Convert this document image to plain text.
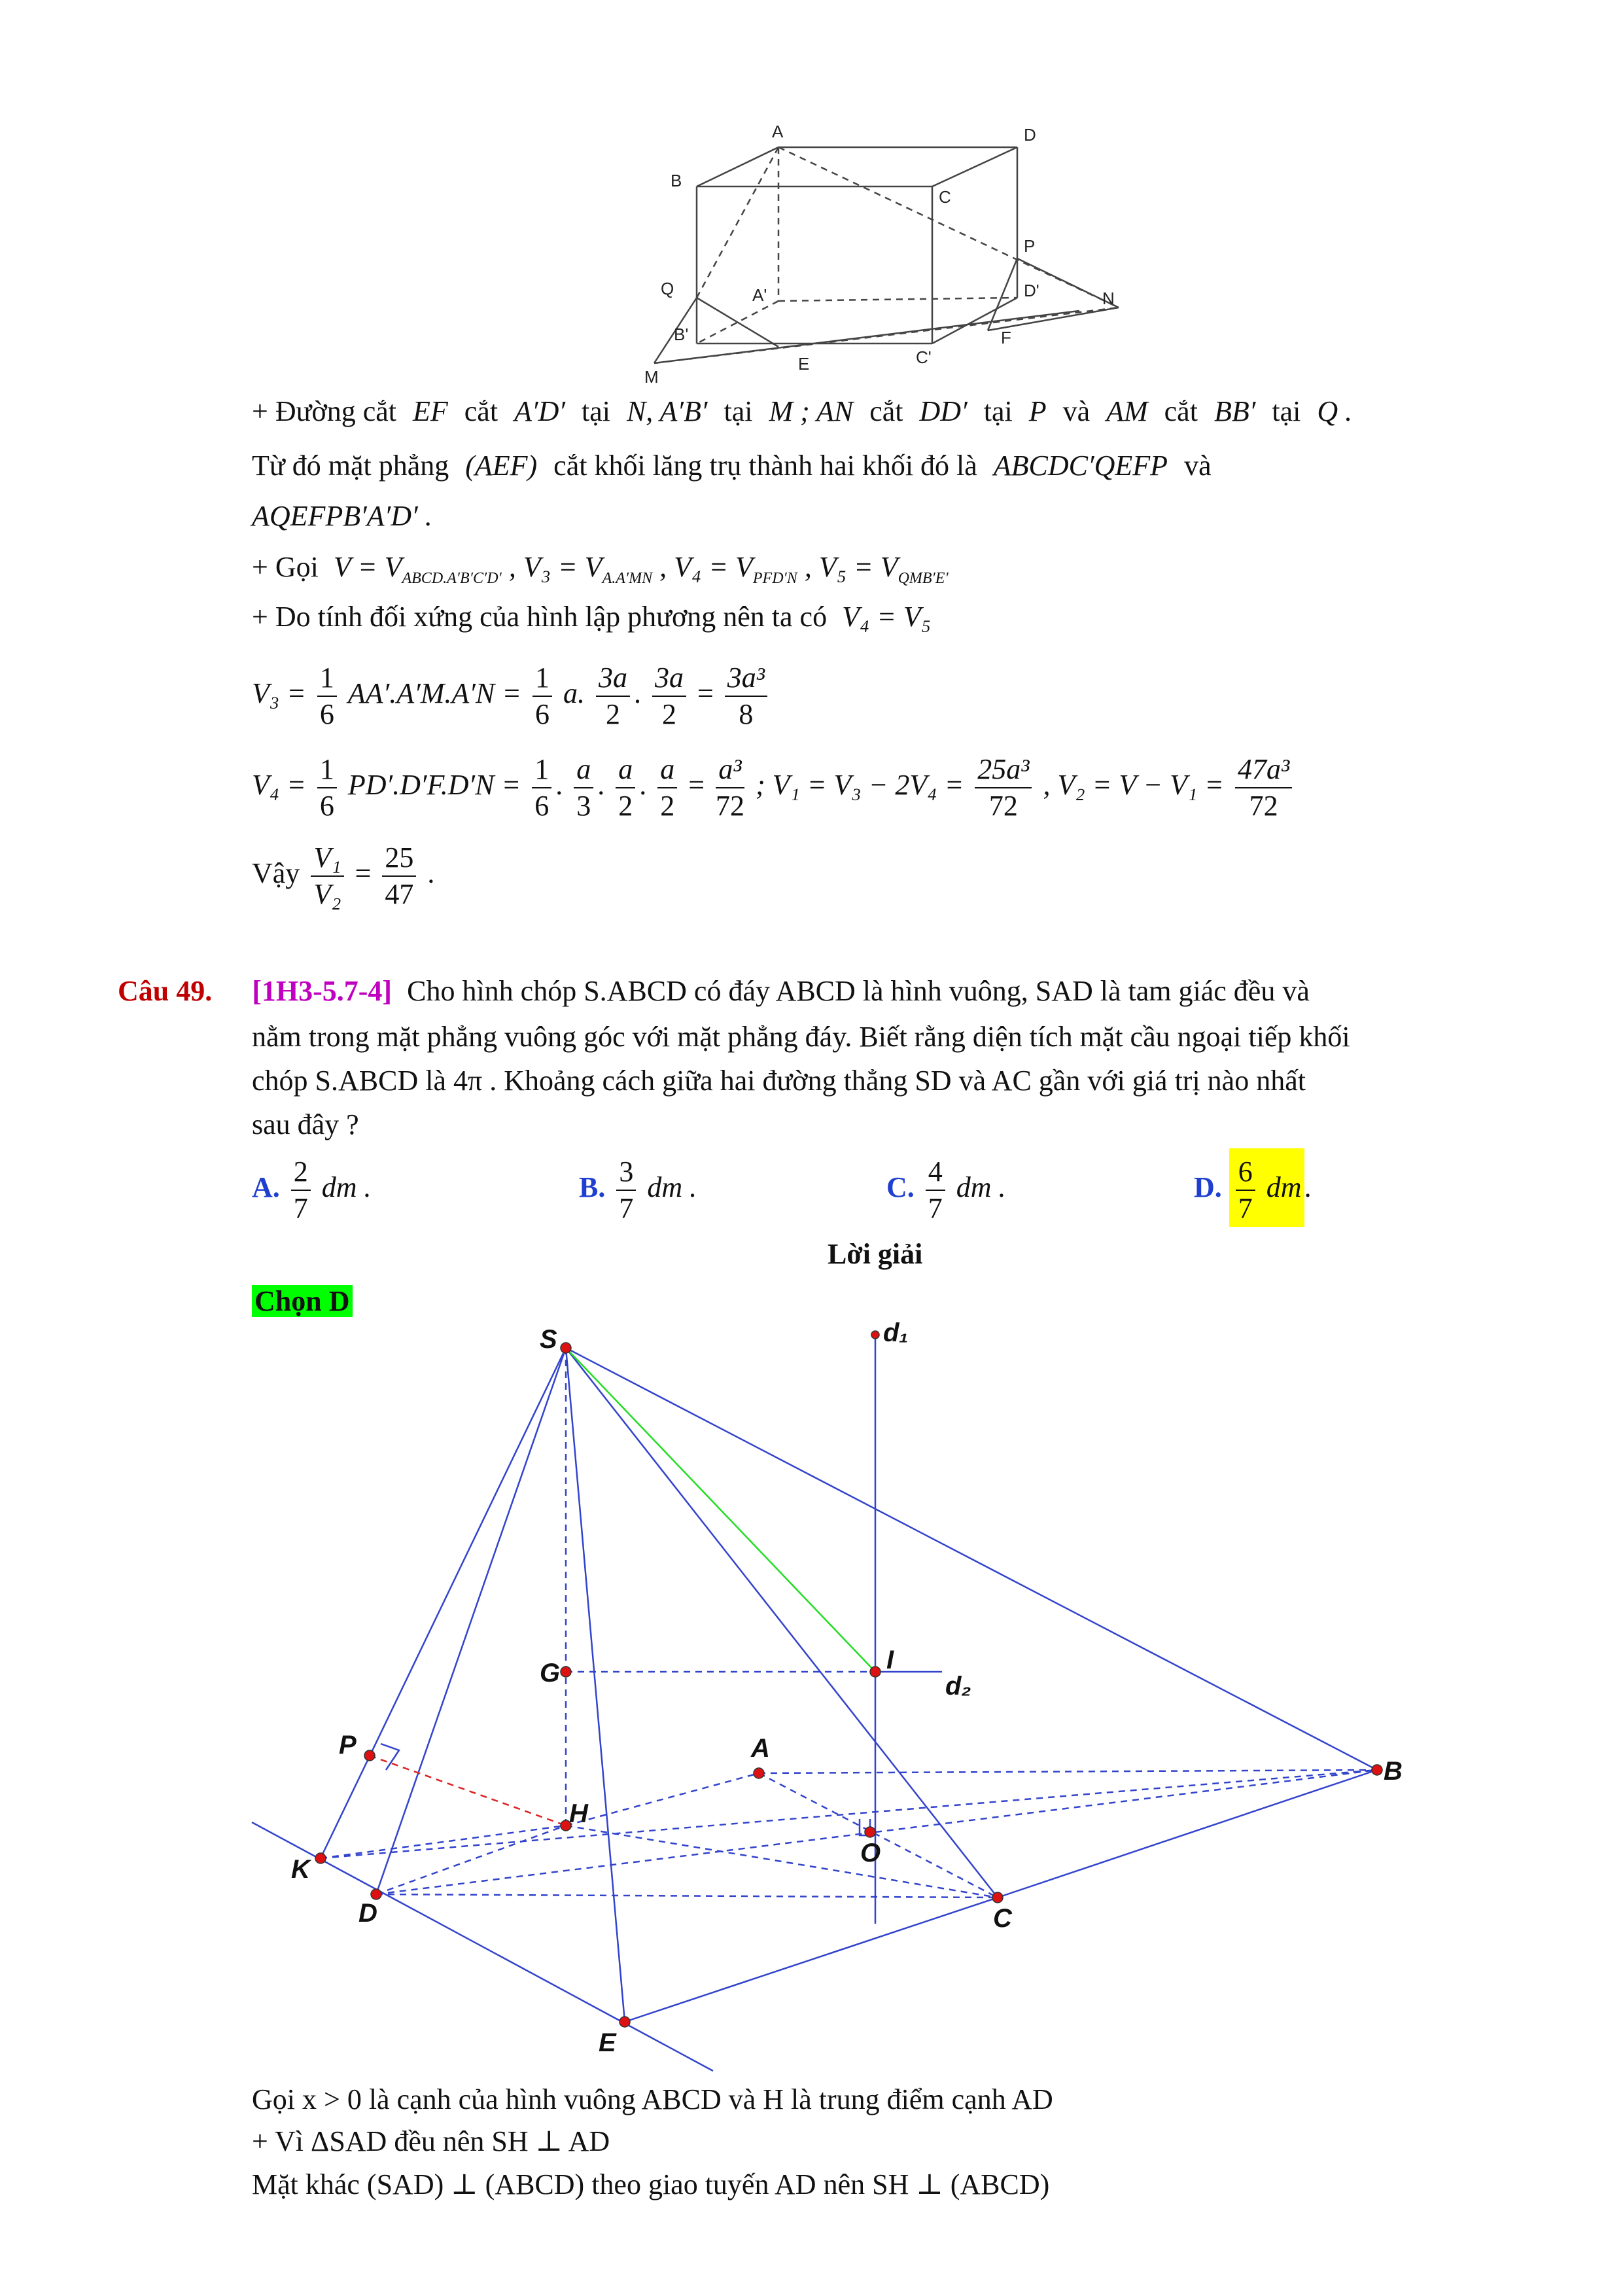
A	D
B
C
P
Q	A'	D'	N
B'	F
C'
E
M
+ Đường cắt EF cắt A′D′ tại N, A′B′ tại M ; AN cắt DD′ tại P và AM cắt BB′ tại Q .
Từ đó mặt phẳng (AEF) cắt khối lăng trụ thành hai khối đó là ABCDC′QEFP và
AQEFPB′A′D′ .
+ Gọi $V = V_{ABCD.A'B'C'D'}$ , $V_3 = V_{A.A'MN}$ , $V_4 = V_{PFD'N}$ , $V_5 = V_{QMB'E'}$
+ Do tính đối xứng của hình lập phương nên ta có V₄ = V₅
$V_3 = \frac{1}{6} AA'.A'M.A'N = \frac{1}{6} a$. $\frac{3a}{2}$ . $\frac{3a}{2} = \frac{\text{3a³}}{8}$
$V_4 = \frac{1}{6} PD'.D'F.D'N = \frac{1}{6}$ . $\frac{a}{3}$ . $\frac{a}{2}$ . $\frac{a}{2} = \frac{\text{a³}}{72}$ ; $V_1 = V_3 - 2V_4 = \frac{\text{25a³}}{72}$ , $V_2 = V - V_1 = \frac{\text{47a³}}{72}$
Vậy $\frac{\text{V₁}}{\text{V₂}} = \frac{25}{47}$ .
Câu 49. [1H3-5.7-4] Cho hình chóp S.ABCD có đáy ABCD là hình vuông, SAD là tam giác đều và
nằm trong mặt phẳng vuông góc với mặt phẳng đáy. Biết rằng diện tích mặt cầu ngoại tiếp khối
chóp S.ABCD là 4π . Khoảng cách giữa hai đường thẳng SD và AC gần với giá trị nào nhất
sau đây ?
A. $\frac{2}{7}$ dm .	B. $\frac{3}{7}$ dm .	C. $\frac{4}{7}$ dm .	D. $\frac{6}{7}$ dm.
Lời giải
Chọn D
S	d₁
G	I
d₂
P	A
B
H
O
K
D	C
E
Gọi x > 0 là cạnh của hình vuông ABCD và H là trung điểm cạnh AD
+ Vì ΔSAD đều nên SH ⊥ AD
Mặt khác (SAD) ⊥ (ABCD) theo giao tuyến AD nên SH ⊥ (ABCD)
